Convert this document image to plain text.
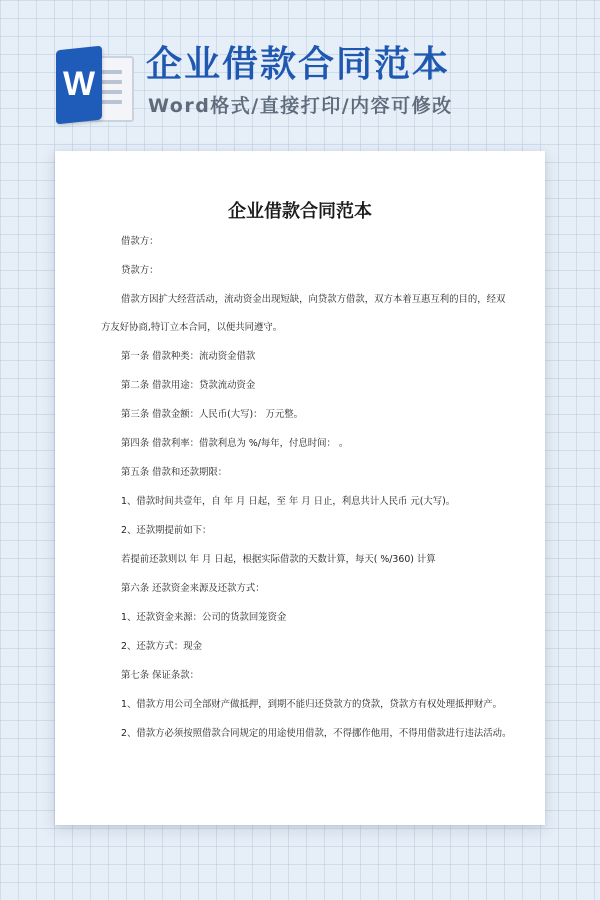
W 企业借款合同范本
Word格式/直接打印/内容可修改
企业借款合同范本
借款方：
贷款方：
借款方因扩大经营活动，流动资金出现短缺，向贷款方借款，双方本着互惠互利的目的，经双
方友好协商,特订立本合同，以便共同遵守。
第一条 借款种类：流动资金借款
第二条 借款用途：贷款流动资金
第三条 借款金额：人民币(大写)： 万元整。
第四条 借款利率：借款利息为 %/每年，付息时间： 。
第五条 借款和还款期限：
1、借款时间共壹年，自 年 月 日起，至 年 月 日止，利息共计人民币 元(大写)。
2、还款期提前如下：
若提前还款则以 年 月 日起，根据实际借款的天数计算，每天( %/360) 计算
第六条 还款资金来源及还款方式：
1、还款资金来源：公司的货款回笼资金
2、还款方式：现金
第七条 保证条款：
1、借款方用公司全部财产做抵押，到期不能归还贷款方的贷款，贷款方有权处理抵押财产。
2、借款方必须按照借款合同规定的用途使用借款，不得挪作他用，不得用借款进行违法活动。
